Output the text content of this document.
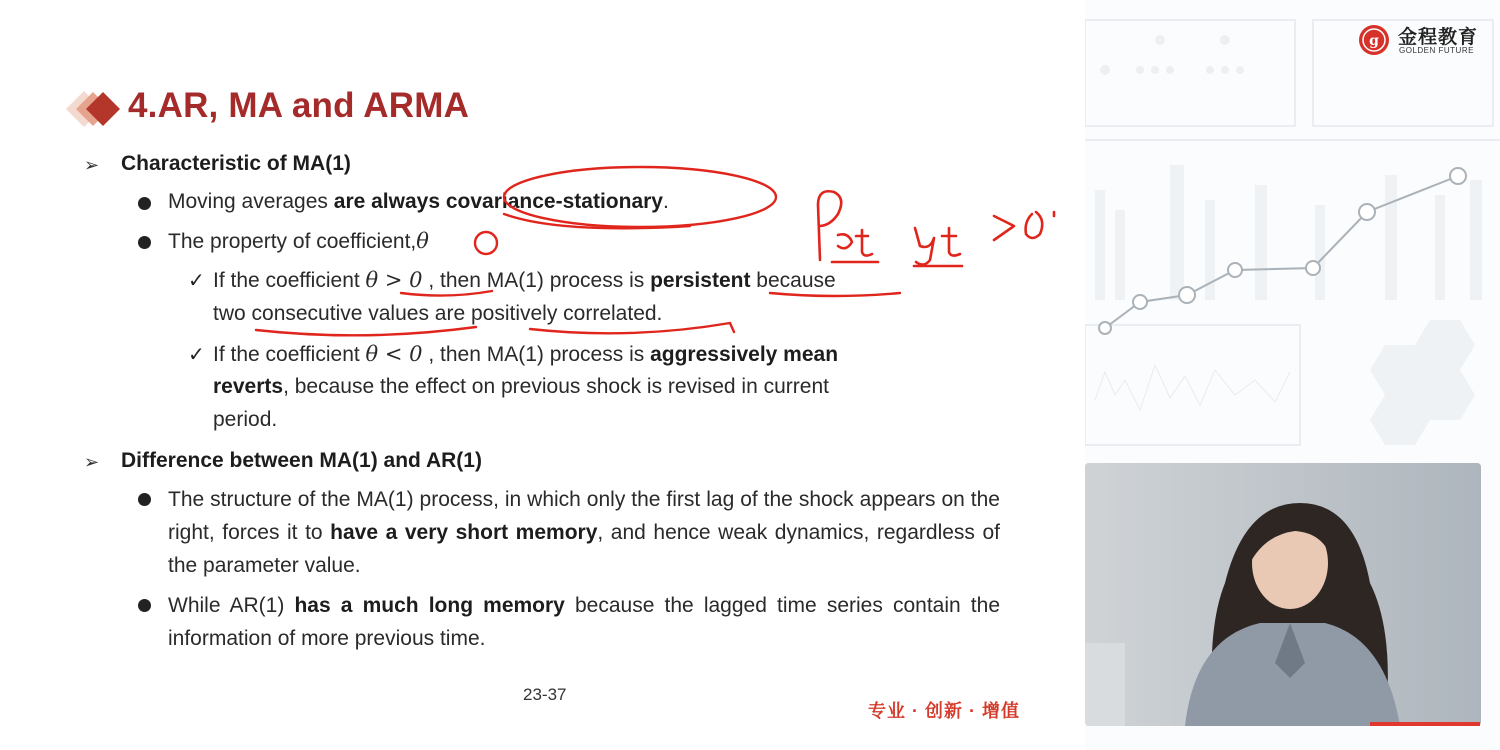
4.AR, MA and ARMA
➢ Characteristic of MA(1)
Moving averages are always covariance-stationary.
The property of coefficient,θ
✓ If the coefficient θ > 0 , then MA(1) process is persistent because
two consecutive values are positively correlated.
✓ If the coefficient θ < 0 , then MA(1) process is aggressively mean
reverts, because the effect on previous shock is revised in current
period.
➢ Difference between MA(1) and AR(1)
The structure of the MA(1) process, in which only the first lag of the shock appears on the right, forces it to have a very short memory, and hence weak dynamics, regardless of the parameter value.
While AR(1) has a much long memory because the lagged time series contain the information of more previous time.
23-37
专业 · 创新 · 增值
g 金程教育
GOLDEN FUTURE
